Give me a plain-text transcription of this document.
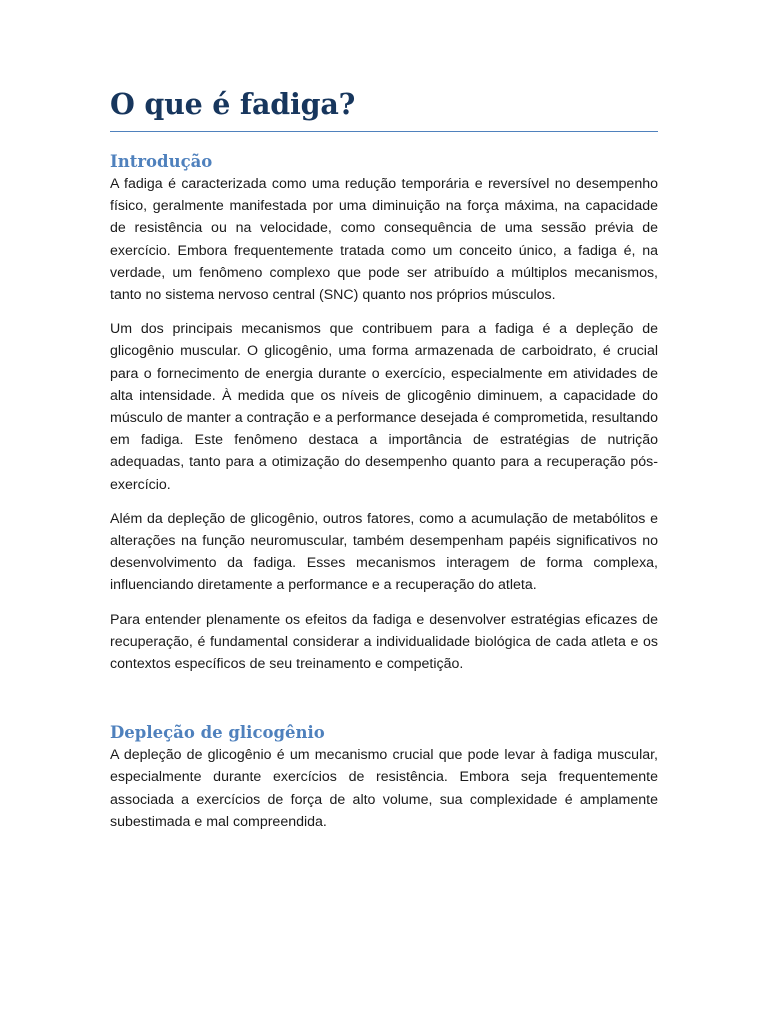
O que é fadiga?
Introdução

A fadiga é caracterizada como uma redução temporária e reversível no desempenho físico, geralmente manifestada por uma diminuição na força máxima, na capacidade de resistência ou na velocidade, como consequência de uma sessão prévia de exercício. Embora frequentemente tratada como um conceito único, a fadiga é, na verdade, um fenômeno complexo que pode ser atribuído a múltiplos mecanismos, tanto no sistema nervoso central (SNC) quanto nos próprios músculos.

Um dos principais mecanismos que contribuem para a fadiga é a depleção de glicogênio muscular. O glicogênio, uma forma armazenada de carboidrato, é crucial para o fornecimento de energia durante o exercício, especialmente em atividades de alta intensidade. À medida que os níveis de glicogênio diminuem, a capacidade do músculo de manter a contração e a performance desejada é comprometida, resultando em fadiga. Este fenômeno destaca a importância de estratégias de nutrição adequadas, tanto para a otimização do desempenho quanto para a recuperação pós-exercício.

Além da depleção de glicogênio, outros fatores, como a acumulação de metabólitos e alterações na função neuromuscular, também desempenham papéis significativos no desenvolvimento da fadiga. Esses mecanismos interagem de forma complexa, influenciando diretamente a performance e a recuperação do atleta.

Para entender plenamente os efeitos da fadiga e desenvolver estratégias eficazes de recuperação, é fundamental considerar a individualidade biológica de cada atleta e os contextos específicos de seu treinamento e competição.

Depleção de glicogênio

A depleção de glicogênio é um mecanismo crucial que pode levar à fadiga muscular, especialmente durante exercícios de resistência. Embora seja frequentemente associada a exercícios de força de alto volume, sua complexidade é amplamente subestimada e mal compreendida.
